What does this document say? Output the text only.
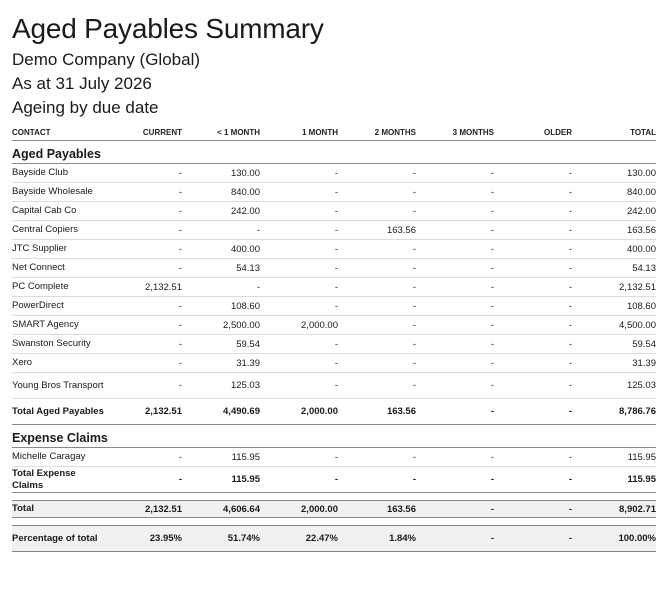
Aged Payables Summary
Demo Company (Global)
As at 31 July 2026
Ageing by due date
CONTACT	CURRENT	< 1 MONTH	1 MONTH	2 MONTHS	3 MONTHS	OLDER	TOTAL
Aged Payables							
Bayside Club	-	130.00	-	-	-	-	130.00
Bayside Wholesale	-	840.00	-	-	-	-	840.00
Capital Cab Co	-	242.00	-	-	-	-	242.00
Central Copiers	-	-	-	163.56	-	-	163.56
JTC Supplier	-	400.00	-	-	-	-	400.00
Net Connect	-	54.13	-	-	-	-	54.13
PC Complete	2,132.51	-	-	-	-	-	2,132.51
PowerDirect	-	108.60	-	-	-	-	108.60
SMART Agency	-	2,500.00	2,000.00	-	-	-	4,500.00
Swanston Security	-	59.54	-	-	-	-	59.54
Xero	-	31.39	-	-	-	-	31.39
Young Bros Transport	-	125.03	-	-	-	-	125.03
Total Aged Payables	2,132.51	4,490.69	2,000.00	163.56	-	-	8,786.76
Expense Claims							
Michelle Caragay	-	115.95	-	-	-	-	115.95
Total Expense Claims	-	115.95	-	-	-	-	115.95

Total	2,132.51	4,606.64	2,000.00	163.56	-	-	8,902.71

Percentage of total	23.95%	51.74%	22.47%	1.84%	-	-	100.00%
